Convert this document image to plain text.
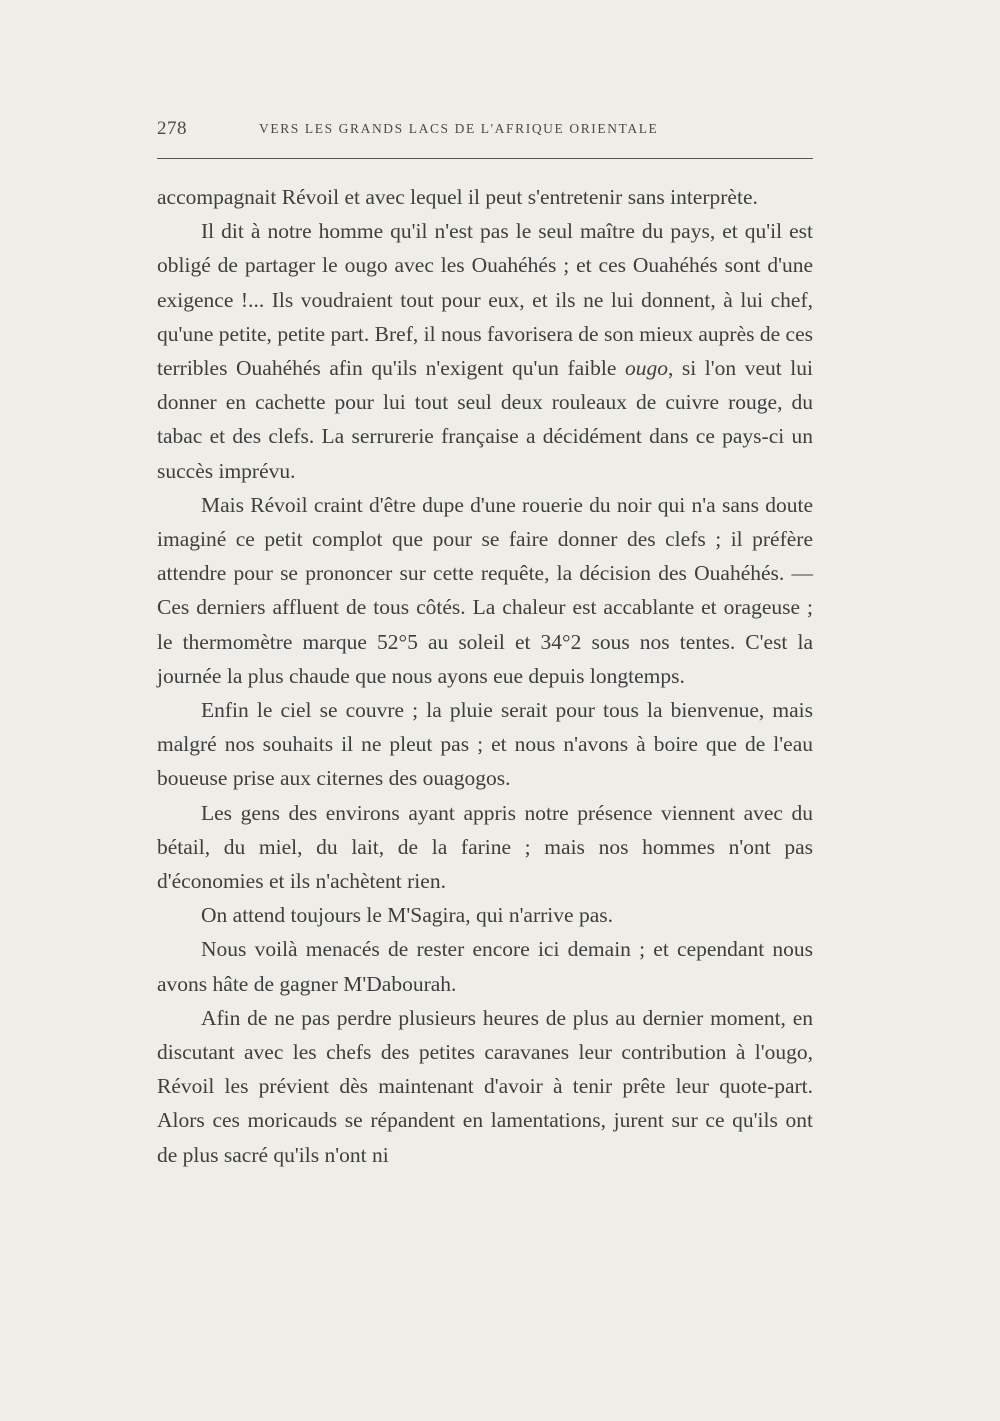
278	VERS LES GRANDS LACS DE L'AFRIQUE ORIENTALE

accompagnait Révoil et avec lequel il peut s'entretenir sans interprète.

Il dit à notre homme qu'il n'est pas le seul maître du pays, et qu'il est obligé de partager le ougo avec les Ouahéhés ; et ces Ouahéhés sont d'une exigence !... Ils voudraient tout pour eux, et ils ne lui donnent, à lui chef, qu'une petite, petite part. Bref, il nous favorisera de son mieux auprès de ces terribles Ouahéhés afin qu'ils n'exigent qu'un faible ougo, si l'on veut lui donner en cachette pour lui tout seul deux rouleaux de cuivre rouge, du tabac et des clefs. La serrurerie française a décidément dans ce pays-ci un succès imprévu.

Mais Révoil craint d'être dupe d'une rouerie du noir qui n'a sans doute imaginé ce petit complot que pour se faire donner des clefs ; il préfère attendre pour se prononcer sur cette requête, la décision des Ouahéhés. — Ces derniers affluent de tous côtés. La chaleur est accablante et orageuse ; le thermomètre marque 52°5 au soleil et 34°2 sous nos tentes. C'est la journée la plus chaude que nous ayons eue depuis longtemps.

Enfin le ciel se couvre ; la pluie serait pour tous la bienvenue, mais malgré nos souhaits il ne pleut pas ; et nous n'avons à boire que de l'eau boueuse prise aux citernes des ouagogos.

Les gens des environs ayant appris notre présence viennent avec du bétail, du miel, du lait, de la farine ; mais nos hommes n'ont pas d'économies et ils n'achètent rien.

On attend toujours le M'Sagira, qui n'arrive pas.

Nous voilà menacés de rester encore ici demain ; et cependant nous avons hâte de gagner M'Dabourah.

Afin de ne pas perdre plusieurs heures de plus au dernier moment, en discutant avec les chefs des petites caravanes leur contribution à l'ougo, Révoil les prévient dès maintenant d'avoir à tenir prête leur quote-part. Alors ces moricauds se répandent en lamentations, jurent sur ce qu'ils ont de plus sacré qu'ils n'ont ni
